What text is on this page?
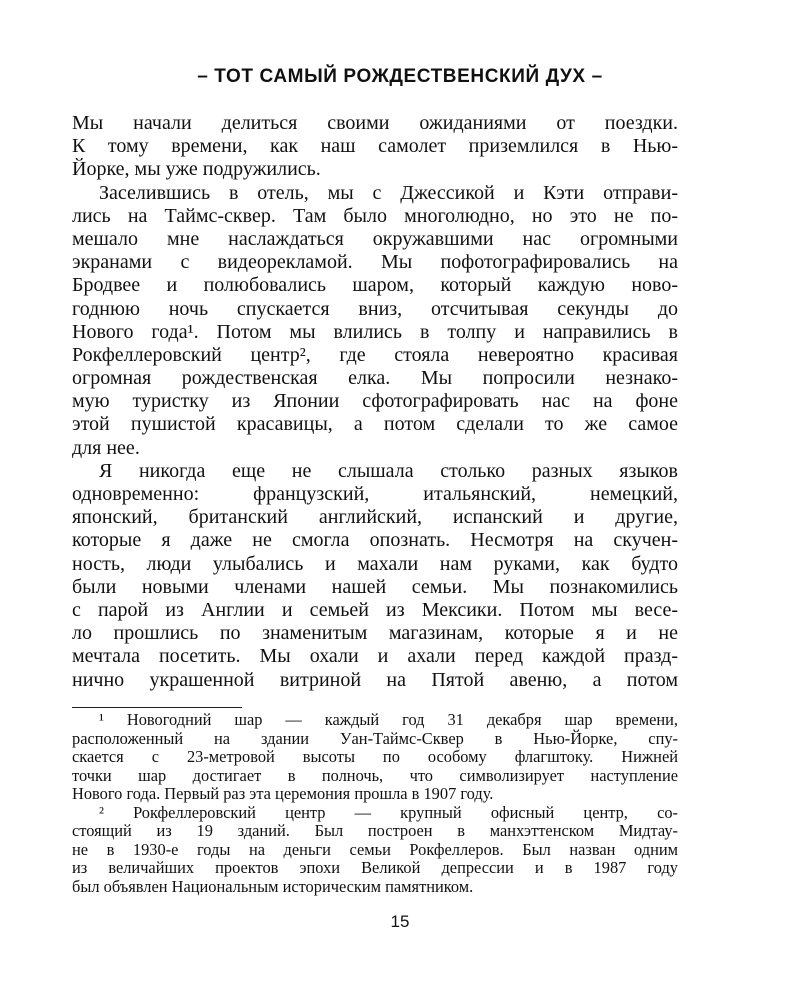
– ТОТ САМЫЙ РОЖДЕСТВЕНСКИЙ ДУХ –
Мы начали делиться своими ожиданиями от поездки.
К тому времени, как наш самолет приземлился в Нью-
Йорке, мы уже подружились.
Заселившись в отель, мы с Джессикой и Кэти отправи-
лись на Таймс-сквер. Там было многолюдно, но это не по-
мешало мне наслаждаться окружавшими нас огромными
экранами с видеорекламой. Мы пофотографировались на
Бродвее и полюбовались шаром, который каждую ново-
годнюю ночь спускается вниз, отсчитывая секунды до
Нового года¹. Потом мы влились в толпу и направились в
Рокфеллеровский центр², где стояла невероятно красивая
огромная рождественская елка. Мы попросили незнако-
мую туристку из Японии сфотографировать нас на фоне
этой пушистой красавицы, а потом сделали то же самое
для нее.
Я никогда еще не слышала столько разных языков
одновременно: французский, итальянский, немецкий,
японский, британский английский, испанский и другие,
которые я даже не смогла опознать. Несмотря на скучен-
ность, люди улыбались и махали нам руками, как будто
были новыми членами нашей семьи. Мы познакомились
с парой из Англии и семьей из Мексики. Потом мы весе-
ло прошлись по знаменитым магазинам, которые я и не
мечтала посетить. Мы охали и ахали перед каждой празд-
нично украшенной витриной на Пятой авеню, а потом
¹ Новогодний шар — каждый год 31 декабря шар времени,
расположенный на здании Уан-Таймс-Сквер в Нью-Йорке, спу-
скается с 23-метровой высоты по особому флагштоку. Нижней
точки шар достигает в полночь, что символизирует наступление
Нового года. Первый раз эта церемония прошла в 1907 году.
² Рокфеллеровский центр — крупный офисный центр, со-
стоящий из 19 зданий. Был построен в манхэттенском Мидтау-
не в 1930-е годы на деньги семьи Рокфеллеров. Был назван одним
из величайших проектов эпохи Великой депрессии и в 1987 году
был объявлен Национальным историческим памятником.
15
